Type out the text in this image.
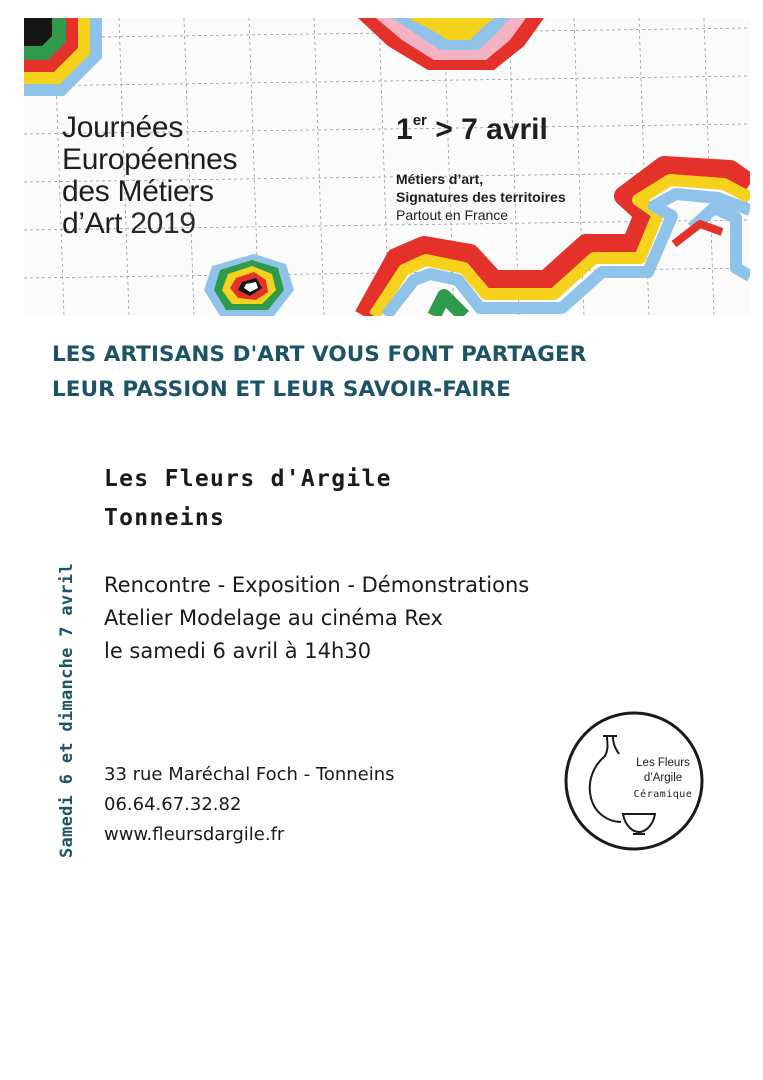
Journées
Européennes
des Métiers
d’Art 2019
1er > 7 avril
Métiers d’art,
Signatures des territoires
Partout en France
LES ARTISANS D'ART VOUS FONT PARTAGER
LEUR PASSION ET LEUR SAVOIR-FAIRE
Samedi 6 et dimanche 7 avril
Les Fleurs d'Argile
Tonneins
Rencontre - Exposition - Démonstrations
Atelier Modelage au cinéma Rex
le samedi 6 avril à 14h30
33 rue Maréchal Foch - Tonneins
06.64.67.32.82
www.fleursdargile.fr
Les Fleurs
d’Argile
Céramique
